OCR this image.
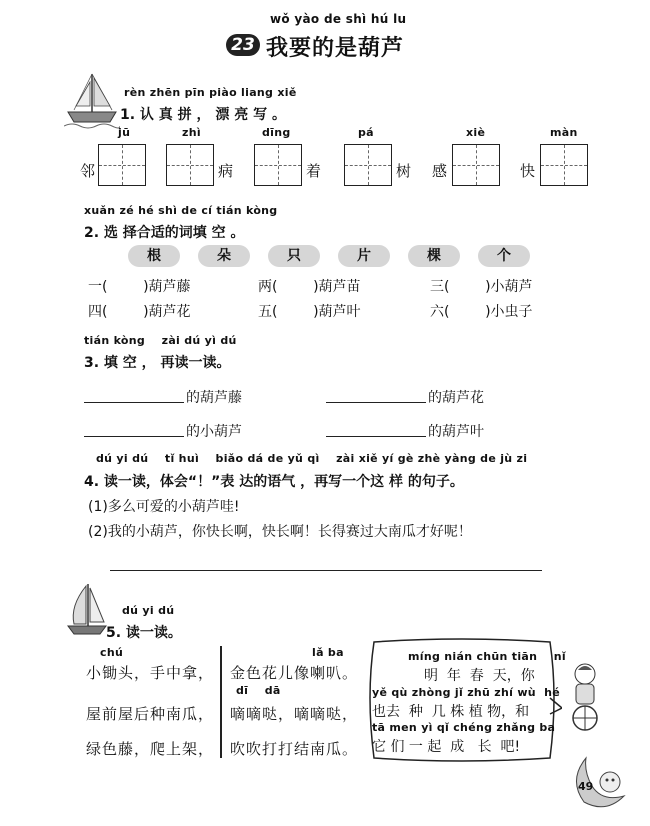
wǒ yào de shì hú lu
23 我要的是葫芦
rèn zhēn pīn piào liang xiě
1. 认 真 拼 ， 漂 亮 写 。
jū	zhì	dīng	pá	xiè	màn
邻	病	着	树 感	快
xuǎn zé hé shì de cí tián kòng
2. 选 择合适的词填 空 。
根	朵	只	片	棵	个
一(        )葫芦藤	两(        )葫芦苗	三(        )小葫芦
四(        )葫芦花	五(        )葫芦叶	六(        )小虫子
tián kòng    zài dú yì dú
3. 填 空 ， 再读一读。
的葫芦藤	的葫芦花
的小葫芦	的葫芦叶
dú yi dú    tǐ huì    biǎo dá de yǔ qì    zài xiě yí gè zhè yàng de jù zi
4. 读一读，体会“！”表 达的语气 ，再写一个这 样 的句子。
(1)多么可爱的小葫芦哇!
(2)我的小葫芦，你快长啊，快长啊！长得赛过大南瓜才好呢！
dú yi dú
5. 读一读。
chú
小锄头，手中拿，
屋前屋后种南瓜，
绿色藤，爬上架，
lǎ ba
金色花儿像喇叭。
dī    dā
嘀嘀哒，嘀嘀哒，
吹吹打打结南瓜。
míng nián chūn tiān    nǐ
明  年  春  天，你
yě qù zhòng jǐ zhū zhí wù  hé
也去  种  几 株 植 物，和
tā men yì qǐ chéng zhǎng ba
它 们 一 起  成   长  吧!
49
